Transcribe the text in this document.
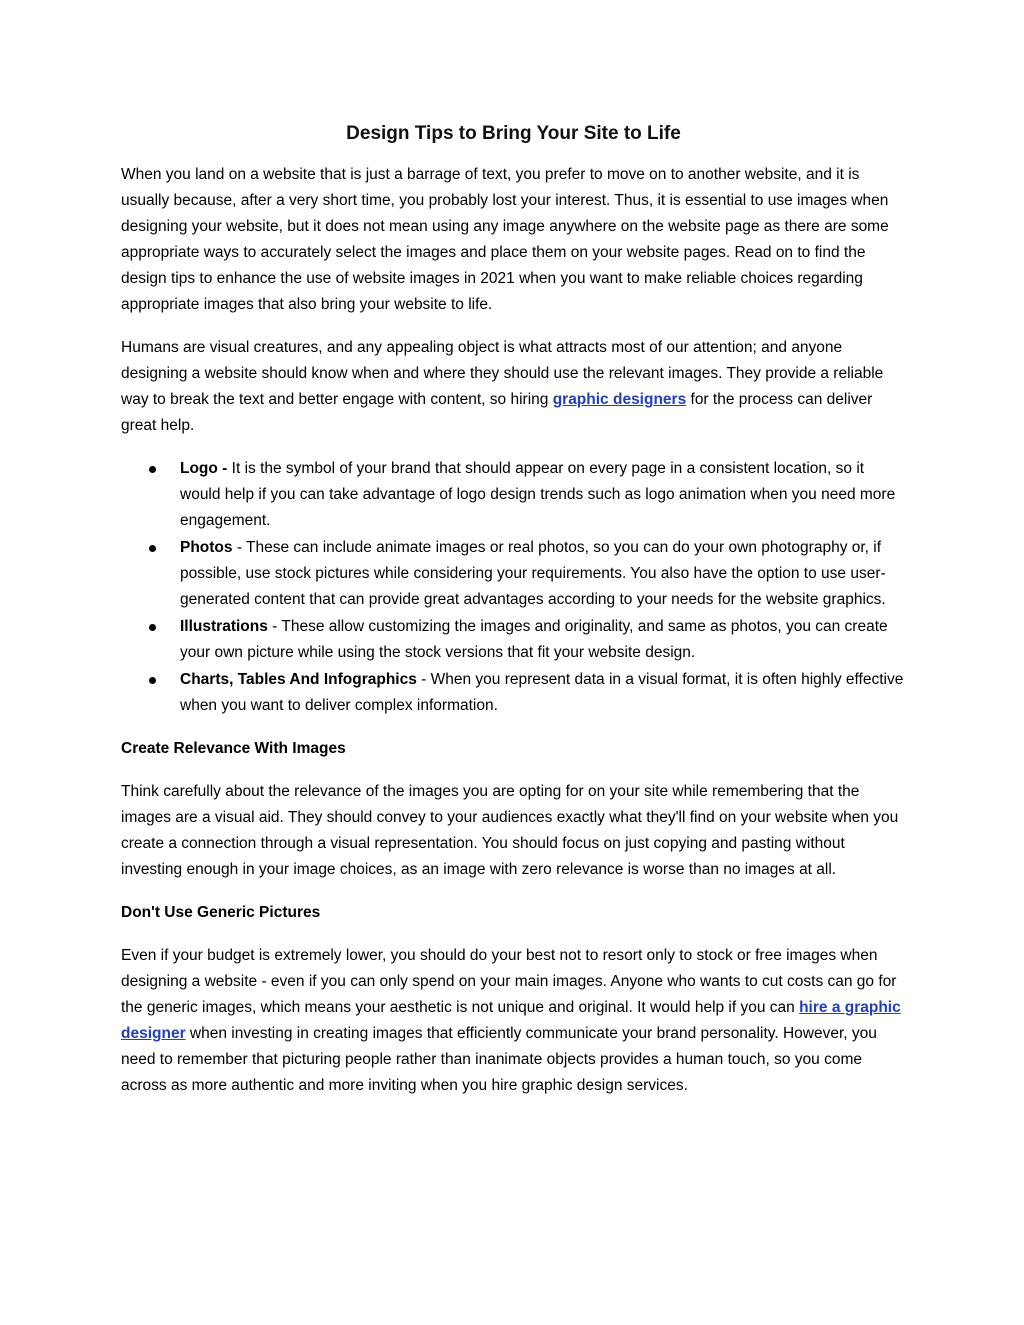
Design Tips to Bring Your Site to Life

When you land on a website that is just a barrage of text, you prefer to move on to another website, and it is usually because, after a very short time, you probably lost your interest. Thus, it is essential to use images when designing your website, but it does not mean using any image anywhere on the website page as there are some appropriate ways to accurately select the images and place them on your website pages. Read on to find the design tips to enhance the use of website images in 2021 when you want to make reliable choices regarding appropriate images that also bring your website to life.

Humans are visual creatures, and any appealing object is what attracts most of our attention; and anyone designing a website should know when and where they should use the relevant images. They provide a reliable way to break the text and better engage with content, so hiring graphic designers for the process can deliver great help.

Logo - It is the symbol of your brand that should appear on every page in a consistent location, so it would help if you can take advantage of logo design trends such as logo animation when you need more engagement.
Photos - These can include animate images or real photos, so you can do your own photography or, if possible, use stock pictures while considering your requirements. You also have the option to use user-generated content that can provide great advantages according to your needs for the website graphics.
Illustrations - These allow customizing the images and originality, and same as photos, you can create your own picture while using the stock versions that fit your website design.
Charts, Tables And Infographics - When you represent data in a visual format, it is often highly effective when you want to deliver complex information.
Create Relevance With Images

Think carefully about the relevance of the images you are opting for on your site while remembering that the images are a visual aid. They should convey to your audiences exactly what they'll find on your website when you create a connection through a visual representation. You should focus on just copying and pasting without investing enough in your image choices, as an image with zero relevance is worse than no images at all.

Don't Use Generic Pictures

Even if your budget is extremely lower, you should do your best not to resort only to stock or free images when designing a website - even if you can only spend on your main images. Anyone who wants to cut costs can go for the generic images, which means your aesthetic is not unique and original. It would help if you can hire a graphic designer when investing in creating images that efficiently communicate your brand personality. However, you need to remember that picturing people rather than inanimate objects provides a human touch, so you come across as more authentic and more inviting when you hire graphic design services.
